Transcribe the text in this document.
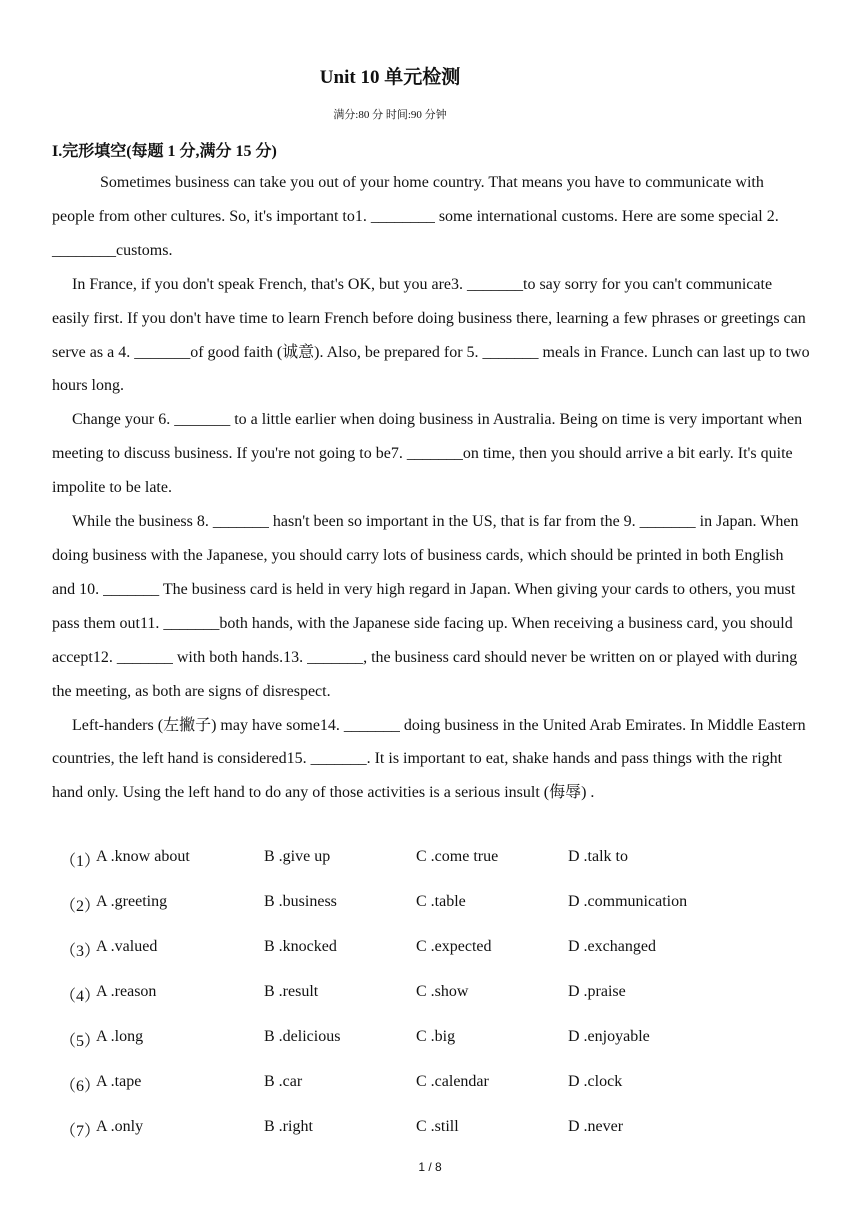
Unit 10 单元检测
满分:80 分 时间:90 分钟
I.完形填空(每题 1 分,满分 15 分)

Sometimes business can take you out of your home country. That means you have to communicate with people from other cultures. So, it's important to1. ________ some international customs. Here are some special 2. ________customs.

In France, if you don't speak French, that's OK, but you are3. _______to say sorry for you can't communicate easily first. If you don't have time to learn French before doing business there, learning a few phrases or greetings can serve as a 4. _______of good faith (诚意). Also, be prepared for 5. _______ meals in France. Lunch can last up to two hours long.

Change your 6. _______ to a little earlier when doing business in Australia. Being on time is very important when meeting to discuss business. If you're not going to be7. _______on time, then you should arrive a bit early. It's quite impolite to be late.

While the business 8. _______ hasn't been so important in the US, that is far from the 9. _______ in Japan. When doing business with the Japanese, you should carry lots of business cards, which should be printed in both English and 10. _______ The business card is held in very high regard in Japan. When giving your cards to others, you must pass them out11. _______both hands, with the Japanese side facing up. When receiving a business card, you should accept12. _______ with both hands.13. _______, the business card should never be written on or played with during the meeting, as both are signs of disrespect.

Left-handers (左撇子) may have some14. _______ doing business in the United Arab Emirates. In Middle Eastern countries, the left hand is considered15. _______. It is important to eat, shake hands and pass things with the right hand only. Using the left hand to do any of those activities is a serious insult (侮辱) .

（1）
A .know about	B .give up	C .come true	D .talk to
（2）
A .greeting	B .business	C .table	D .communication
（3）
A .valued	B .knocked	C .expected	D .exchanged
（4）
A .reason	B .result	C .show	D .praise
（5）
A .long	B .delicious	C .big	D .enjoyable
（6）
A .tape	B .car	C .calendar	D .clock
（7）
A .only	B .right	C .still	D .never
1 / 8
